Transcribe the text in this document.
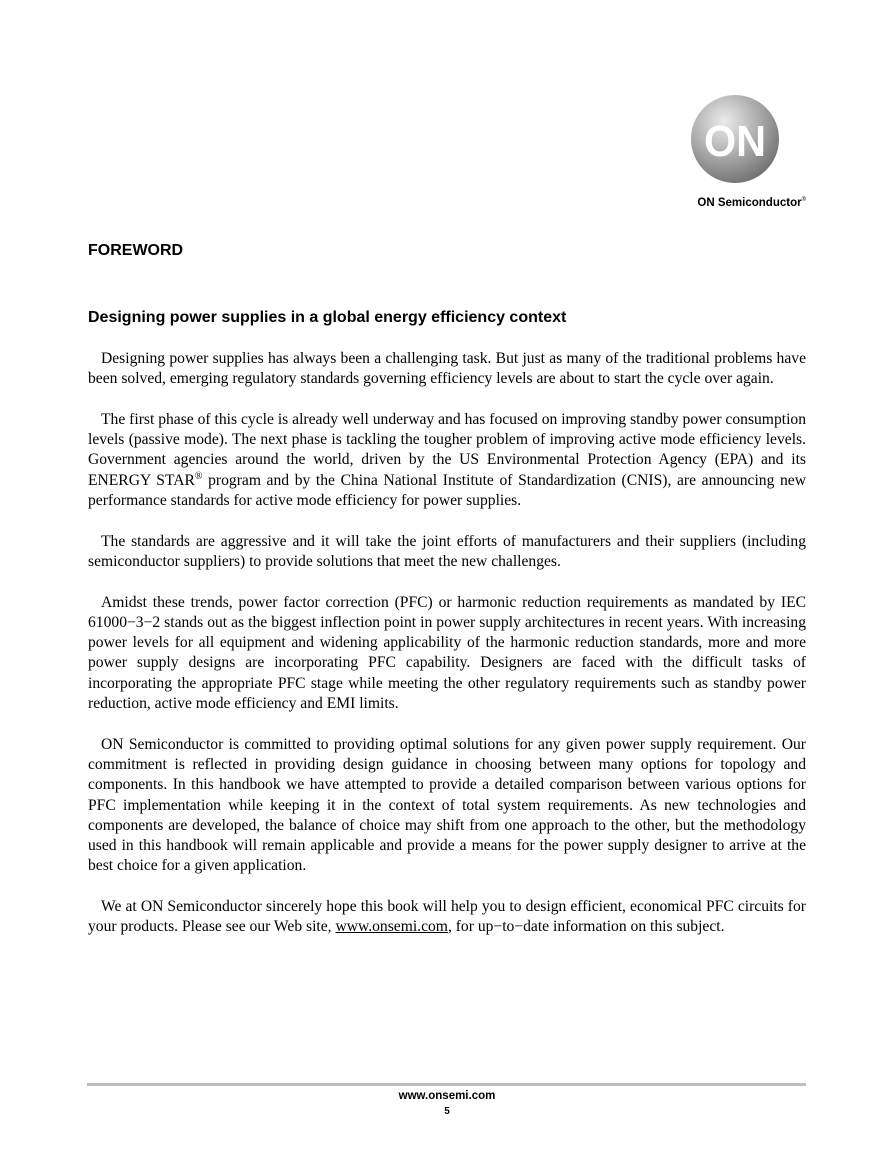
ON
ON Semiconductor®
FOREWORD
Designing power supplies in a global energy efficiency context

Designing power supplies has always been a challenging task. But just as many of the traditional problems have been solved, emerging regulatory standards governing efficiency levels are about to start the cycle over again.

The first phase of this cycle is already well underway and has focused on improving standby power consumption levels (passive mode). The next phase is tackling the tougher problem of improving active mode efficiency levels. Government agencies around the world, driven by the US Environmental Protection Agency (EPA) and its ENERGY STAR® program and by the China National Institute of Standardization (CNIS), are announcing new performance standards for active mode efficiency for power supplies.

The standards are aggressive and it will take the joint efforts of manufacturers and their suppliers (including semiconductor suppliers) to provide solutions that meet the new challenges.

Amidst these trends, power factor correction (PFC) or harmonic reduction requirements as mandated by IEC 61000−3−2 stands out as the biggest inflection point in power supply architectures in recent years. With increasing power levels for all equipment and widening applicability of the harmonic reduction standards, more and more power supply designs are incorporating PFC capability. Designers are faced with the difficult tasks of incorporating the appropriate PFC stage while meeting the other regulatory requirements such as standby power reduction, active mode efficiency and EMI limits.

ON Semiconductor is committed to providing optimal solutions for any given power supply requirement. Our commitment is reflected in providing design guidance in choosing between many options for topology and components. In this handbook we have attempted to provide a detailed comparison between various options for PFC implementation while keeping it in the context of total system requirements. As new technologies and components are developed, the balance of choice may shift from one approach to the other, but the methodology used in this handbook will remain applicable and provide a means for the power supply designer to arrive at the best choice for a given application.

We at ON Semiconductor sincerely hope this book will help you to design efficient, economical PFC circuits for your products. Please see our Web site, www.onsemi.com, for up−to−date information on this subject.

www.onsemi.com
5
